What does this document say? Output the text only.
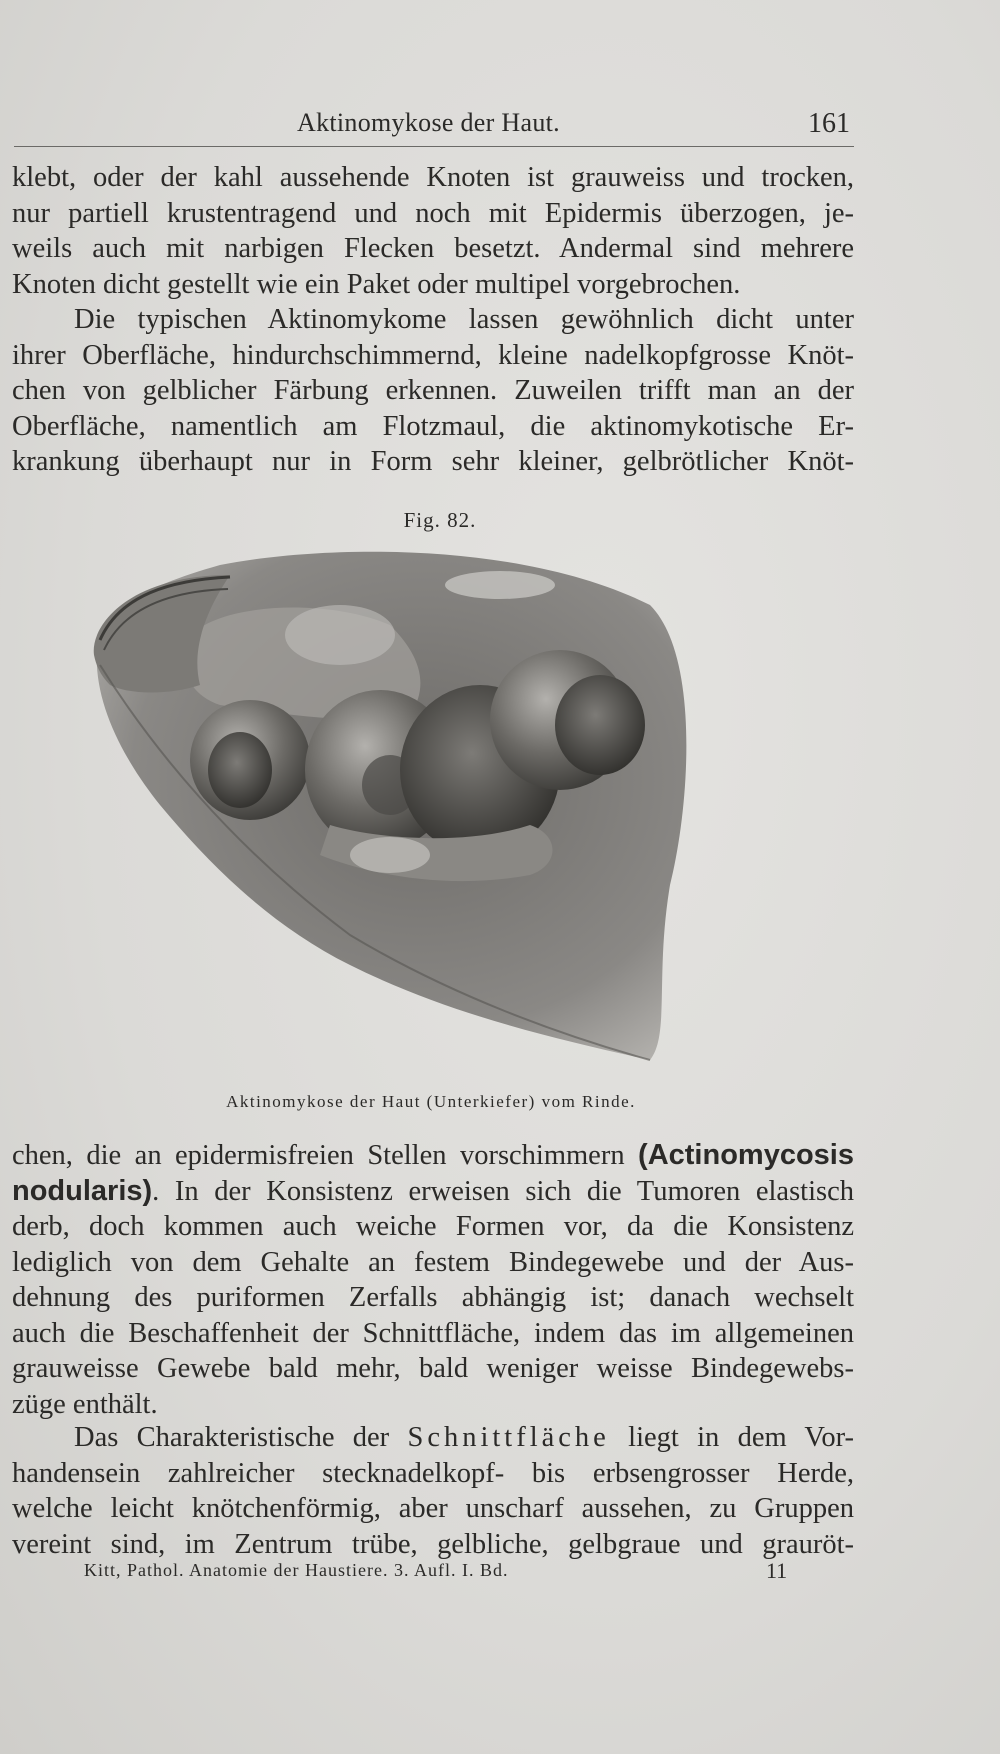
Aktinomykose der Haut.	161

klebt, oder der kahl aussehende Knoten ist grauweiss und trocken,
nur partiell krustentragend und noch mit Epidermis überzogen, je-
weils auch mit narbigen Flecken besetzt. Andermal sind mehrere
Knoten dicht gestellt wie ein Paket oder multipel vorgebrochen.

Die typischen Aktinomykome lassen gewöhnlich dicht unter
ihrer Oberfläche, hindurchschimmernd, kleine nadelkopfgrosse Knöt-
chen von gelblicher Färbung erkennen. Zuweilen trifft man an der
Oberfläche, namentlich am Flotzmaul, die aktinomykotische Er-
krankung überhaupt nur in Form sehr kleiner, gelbrötlicher Knöt-

Fig. 82.
Aktinomykose der Haut (Unterkiefer) vom Rinde.

chen, die an epidermisfreien Stellen vorschimmern (Actinomycosis
nodularis). In der Konsistenz erweisen sich die Tumoren elastisch
derb, doch kommen auch weiche Formen vor, da die Konsistenz
lediglich von dem Gehalte an festem Bindegewebe und der Aus-
dehnung des puriformen Zerfalls abhängig ist; danach wechselt
auch die Beschaffenheit der Schnittfläche, indem das im allgemeinen
grauweisse Gewebe bald mehr, bald weniger weisse Bindegewebs-
züge enthält.

Das Charakteristische der Schnittfläche liegt in dem Vor-
handensein zahlreicher stecknadelkopf- bis erbsengrosser Herde,
welche leicht knötchenförmig, aber unscharf aussehen, zu Gruppen
vereint sind, im Zentrum trübe, gelbliche, gelbgraue und grauröt-

Kitt, Pathol. Anatomie der Haustiere. 3. Aufl. I. Bd.	11
